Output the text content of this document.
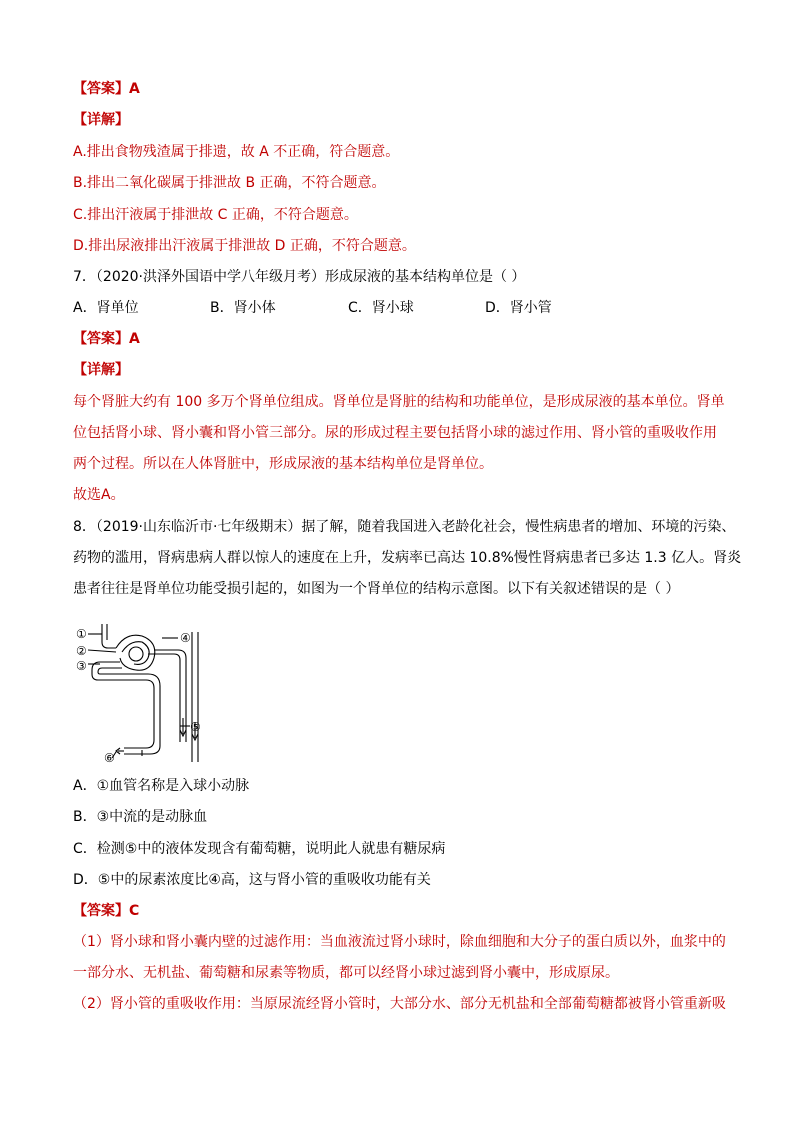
【答案】A
【详解】
A.排出食物残渣属于排遗，故 A 不正确，符合题意。
B.排出二氧化碳属于排泄故 B 正确，不符合题意。
C.排出汗液属于排泄故 C 正确，不符合题意。
D.排出尿液排出汗液属于排泄故 D 正确，不符合题意。
7．（2020·洪泽外国语中学八年级月考）形成尿液的基本结构单位是（ ）
A．肾单位	B．肾小体	C．肾小球	D．肾小管
【答案】A
【详解】
每个肾脏大约有 100 多万个肾单位组成。肾单位是肾脏的结构和功能单位，是形成尿液的基本单位。肾单
位包括肾小球、肾小囊和肾小管三部分。尿的形成过程主要包括肾小球的滤过作用、肾小管的重吸收作用
两个过程。所以在人体肾脏中，形成尿液的基本结构单位是肾单位。
故选A。
8．（2019·山东临沂市·七年级期末）据了解，随着我国进入老龄化社会，慢性病患者的增加、环境的污染、
药物的滥用，肾病患病人群以惊人的速度在上升，发病率已高达 10.8%慢性肾病患者已多达 1.3 亿人。肾炎
患者往往是肾单位功能受损引起的，如图为一个肾单位的结构示意图。以下有关叙述错误的是（ ）
①
②
③
④
⑤
⑥
A．①血管名称是入球小动脉
B．③中流的是动脉血
C．检测⑤中的液体发现含有葡萄糖，说明此人就患有糖尿病
D．⑤中的尿素浓度比④高，这与肾小管的重吸收功能有关
【答案】C
（1）肾小球和肾小囊内壁的过滤作用：当血液流过肾小球时，除血细胞和大分子的蛋白质以外，血浆中的
一部分水、无机盐、葡萄糖和尿素等物质，都可以经肾小球过滤到肾小囊中，形成原尿。
（2）肾小管的重吸收作用：当原尿流经肾小管时，大部分水、部分无机盐和全部葡萄糖都被肾小管重新吸
